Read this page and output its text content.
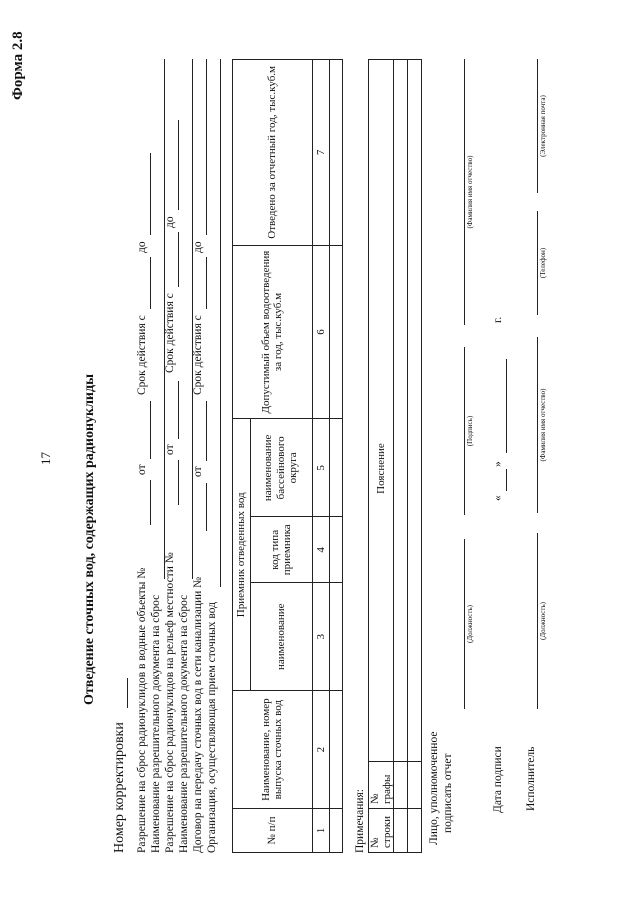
17
Форма 2.8
Отведение сточных вод, содержащих радионуклиды
Номер корректировки Разрешение на сброс радионуклидов в водные объекты №
от
Срок действия с
до
Наименование разрешительного документа на сброс Разрешение на сброс радионуклидов на рельеф местности №
от
Срок действия с
до
Наименование разрешительного документа на сброс Договор на передачу сточных вод в сети канализации №
от
Срок действия с
до
Организация, осуществляющая прием сточных вод	№ п/п	Наименование, номер выпуска сточных вод	Приемник отведенных вод			Допустимый объем водоотведения за год, тыс.куб.м	Отведено за отчетный год, тыс.куб.м
		наименование	код типа приемника	наименование бассейнового округа		
1	2	3	4	5	6	7

Примечания: № строки	№ графы	Пояснение

Лицо, уполномоченное подписать отчет
(Должность)
(Подпись)
(Фамилия имя отчество)
Дата подписи
«
»
г.
Исполнитель
(Должность)
(Фамилия имя отчество)
(Телефон)
(Электронная почта)
